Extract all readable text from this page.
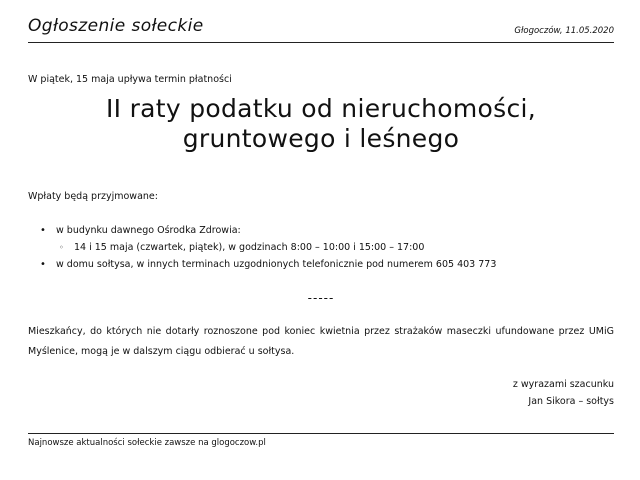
Ogłoszenie sołeckie	Głogoczów, 11.05.2020
W piątek, 15 maja upływa termin płatności
II raty podatku od nieruchomości,
gruntowego i leśnego
Wpłaty będą przyjmowane:
• w budynku dawnego Ośrodka Zdrowia:
◦ 14 i 15 maja (czwartek, piątek), w godzinach 8:00 – 10:00 i 15:00 – 17:00
• w domu sołtysa, w innych terminach uzgodnionych telefonicznie pod numerem 605 403 773
-----
Mieszkańcy, do których nie dotarły roznoszone pod koniec kwietnia przez strażaków maseczki ufundowane przez UMiG Myślenice, mogą je w dalszym ciągu odbierać u sołtysa.
z wyrazami szacunku
Jan Sikora – sołtys
Najnowsze aktualności sołeckie zawsze na glogoczow.pl
